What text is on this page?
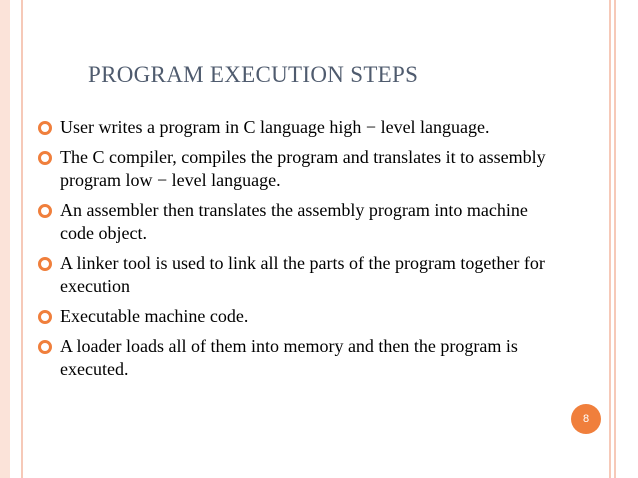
PROGRAM EXECUTION STEPS
User writes a program in C language high − level language.
The C compiler, compiles the program and translates it to assembly program low − level language.
An assembler then translates the assembly program into machine code object.
A linker tool is used to link all the parts of the program together for execution
Executable machine code.
A loader loads all of them into memory and then the program is executed.
8
